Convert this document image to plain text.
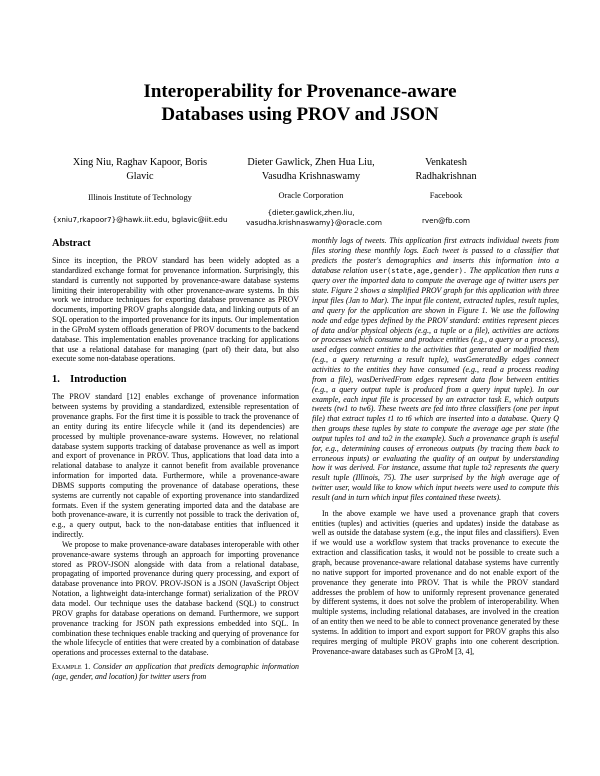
Interoperability for Provenance-aware
Databases using PROV and JSON
Xing Niu, Raghav Kapoor, Boris Glavic
Illinois Institute of Technology
{xniu7,rkapoor7}@hawk.iit.edu, bglavic@iit.edu
Dieter Gawlick, Zhen Hua Liu,
Vasudha Krishnaswamy
Oracle Corporation
{dieter.gawlick,zhen.liu,
vasudha.krishnaswamy}@oracle.com
Venkatesh
Radhakrishnan
Facebook
rven@fb.com
Abstract

Since its inception, the PROV standard has been widely adopted as a standardized exchange format for provenance information. Surprisingly, this standard is currently not supported by provenance-aware database systems limiting their interoperability with other provenance-aware systems. In this work we introduce techniques for exporting database provenance as PROV documents, importing PROV graphs alongside data, and linking outputs of an SQL operation to the imported provenance for its inputs. Our implementation in the GProM system offloads generation of PROV documents to the backend database. This implementation enables provenance tracking for applications that use a relational database for managing (part of) their data, but also execute some non-database operations.

1.    Introduction

The PROV standard [12] enables exchange of provenance information between systems by providing a standardized, extensible representation of provenance graphs. For the first time it is possible to track the provenance of an entity during its entire lifecycle while it (and its dependencies) are processed by multiple provenance-aware systems. However, no relational database system supports tracking of database provenance as well as import and export of provenance in PROV. Thus, applications that load data into a relational database to analyze it cannot benefit from available provenance information for imported data. Furthermore, while a provenance-aware DBMS supports computing the provenance of database operations, these systems are currently not capable of exporting provenance into standardized formats. Even if the system generating imported data and the database are both provenance-aware, it is currently not possible to track the derivation of, e.g., a query output, back to the non-database entities that influenced it indirectly.

We propose to make provenance-aware databases interoperable with other provenance-aware systems through an approach for importing provenance stored as PROV-JSON alongside with data from a relational database, propagating of imported provenance during query processing, and export of database provenance into PROV. PROV-JSON is a JSON (JavaScript Object Notation, a lightweight data-interchange format) serialization of the PROV data model. Our technique uses the database backend (SQL) to construct PROV graphs for database operations on demand. Furthermore, we support provenance tracking for JSON path expressions embedded into SQL. In combination these techniques enable tracking and querying of provenance for the whole lifecycle of entities that were created by a combination of database operations and processes external to the database.

Example 1. Consider an application that predicts demographic information (age, gender, and location) for twitter users from

monthly logs of tweets. This application first extracts individual tweets from files storing these monthly logs. Each tweet is passed to a classifier that predicts the poster's demographics and inserts this information into a database relation user(state,age,gender). The application then runs a query over the imported data to compute the average age of twitter users per state. Figure 2 shows a simplified PROV graph for this application with three input files (Jan to Mar). The input file content, extracted tuples, result tuples, and query for the application are shown in Figure 1. We use the following node and edge types defined by the PROV standard: entities represent pieces of data and/or physical objects (e.g., a tuple or a file), activities are actions or processes which consume and produce entities (e.g., a query or a process), used edges connect entities to the activities that generated or modified them (e.g., a query returning a result tuple), wasGeneratedBy edges connect activities to the entities they have consumed (e.g., read a process reading from a file), wasDerivedFrom edges represent data flow between entities (e.g., a query output tuple is produced from a query input tuple). In our example, each input file is processed by an extractor task E, which outputs tweets (tw1 to tw6). These tweets are fed into three classifiers (one per input file) that extract tuples t1 to t6 which are inserted into a database. Query Q then groups these tuples by state to compute the average age per state (the output tuples to1 and to2 in the example). Such a provenance graph is useful for, e.g., determining causes of erroneous outputs (by tracing them back to erroneous inputs) or evaluating the quality of an output by understanding how it was derived. For instance, assume that tuple to2 represents the query result tuple (Illinois, 75). The user surprised by the high average age of twitter user, would like to know which input tweets were used to compute this result (and in turn which input files contained these tweets).

In the above example we have used a provenance graph that covers entities (tuples) and activities (queries and updates) inside the database as well as outside the database system (e.g., the input files and classifiers). Even if we would use a workflow system that tracks provenance to execute the extraction and classification tasks, it would not be possible to create such a graph, because provenance-aware relational database systems have currently no native support for imported provenance and do not enable export of the provenance they generate into PROV. That is while the PROV standard addresses the problem of how to uniformly represent provenance generated by different systems, it does not solve the problem of interoperability. When multiple systems, including relational databases, are involved in the creation of an entity then we need to be able to connect provenance generated by these systems. In addition to import and export support for PROV graphs this also requires merging of multiple PROV graphs into one coherent description. Provenance-aware databases such as GProM [3, 4],
